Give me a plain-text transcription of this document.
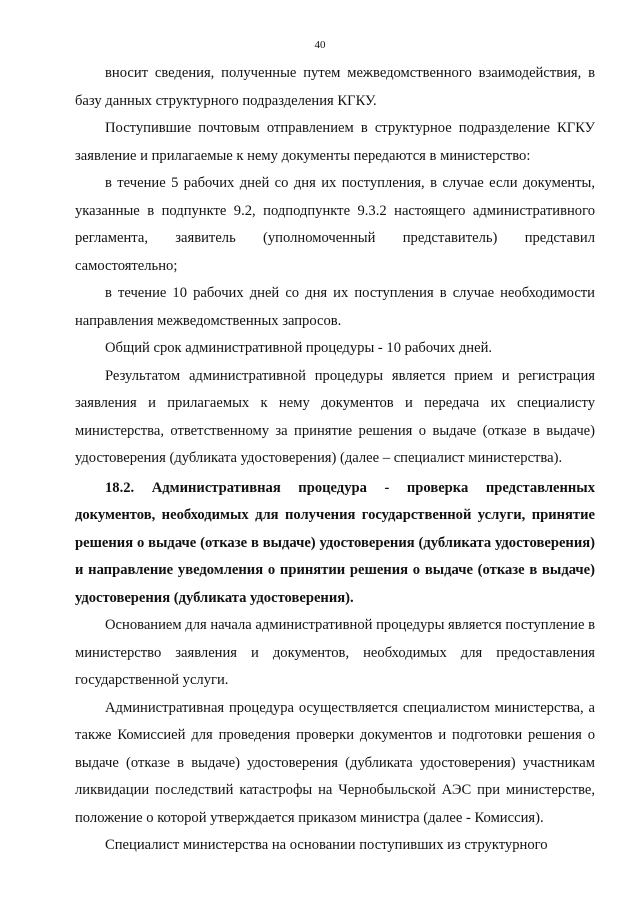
40

вносит сведения, полученные путем межведомственного взаимодействия, в базу данных структурного подразделения КГКУ.

Поступившие почтовым отправлением в структурное подразделение КГКУ заявление и прилагаемые к нему документы передаются в министерство:

в течение 5 рабочих дней со дня их поступления, в случае если документы, указанные в подпункте 9.2, подподпункте 9.3.2 настоящего административного регламента, заявитель (уполномоченный представитель) представил самостоятельно;

в течение 10 рабочих дней со дня их поступления в случае необходимости направления межведомственных запросов.

Общий срок административной процедуры - 10 рабочих дней.

Результатом административной процедуры является прием и регистрация заявления и прилагаемых к нему документов и передача их специалисту министерства, ответственному за принятие решения о выдаче (отказе в выдаче) удостоверения (дубликата удостоверения) (далее – специалист министерства).

18.2. Административная процедура - проверка представленных документов, необходимых для получения государственной услуги, принятие решения о выдаче (отказе в выдаче) удостоверения (дубликата удостоверения) и направление уведомления о принятии решения о выдаче (отказе в выдаче) удостоверения (дубликата удостоверения).

Основанием для начала административной процедуры является поступление в министерство заявления и документов, необходимых для предоставления государственной услуги.

Административная процедура осуществляется специалистом министерства, а также Комиссией для проведения проверки документов и подготовки решения о выдаче (отказе в выдаче) удостоверения (дубликата удостоверения) участникам ликвидации последствий катастрофы на Чернобыльской АЭС при министерстве, положение о которой утверждается приказом министра (далее - Комиссия).

Специалист министерства на основании поступивших из структурного
